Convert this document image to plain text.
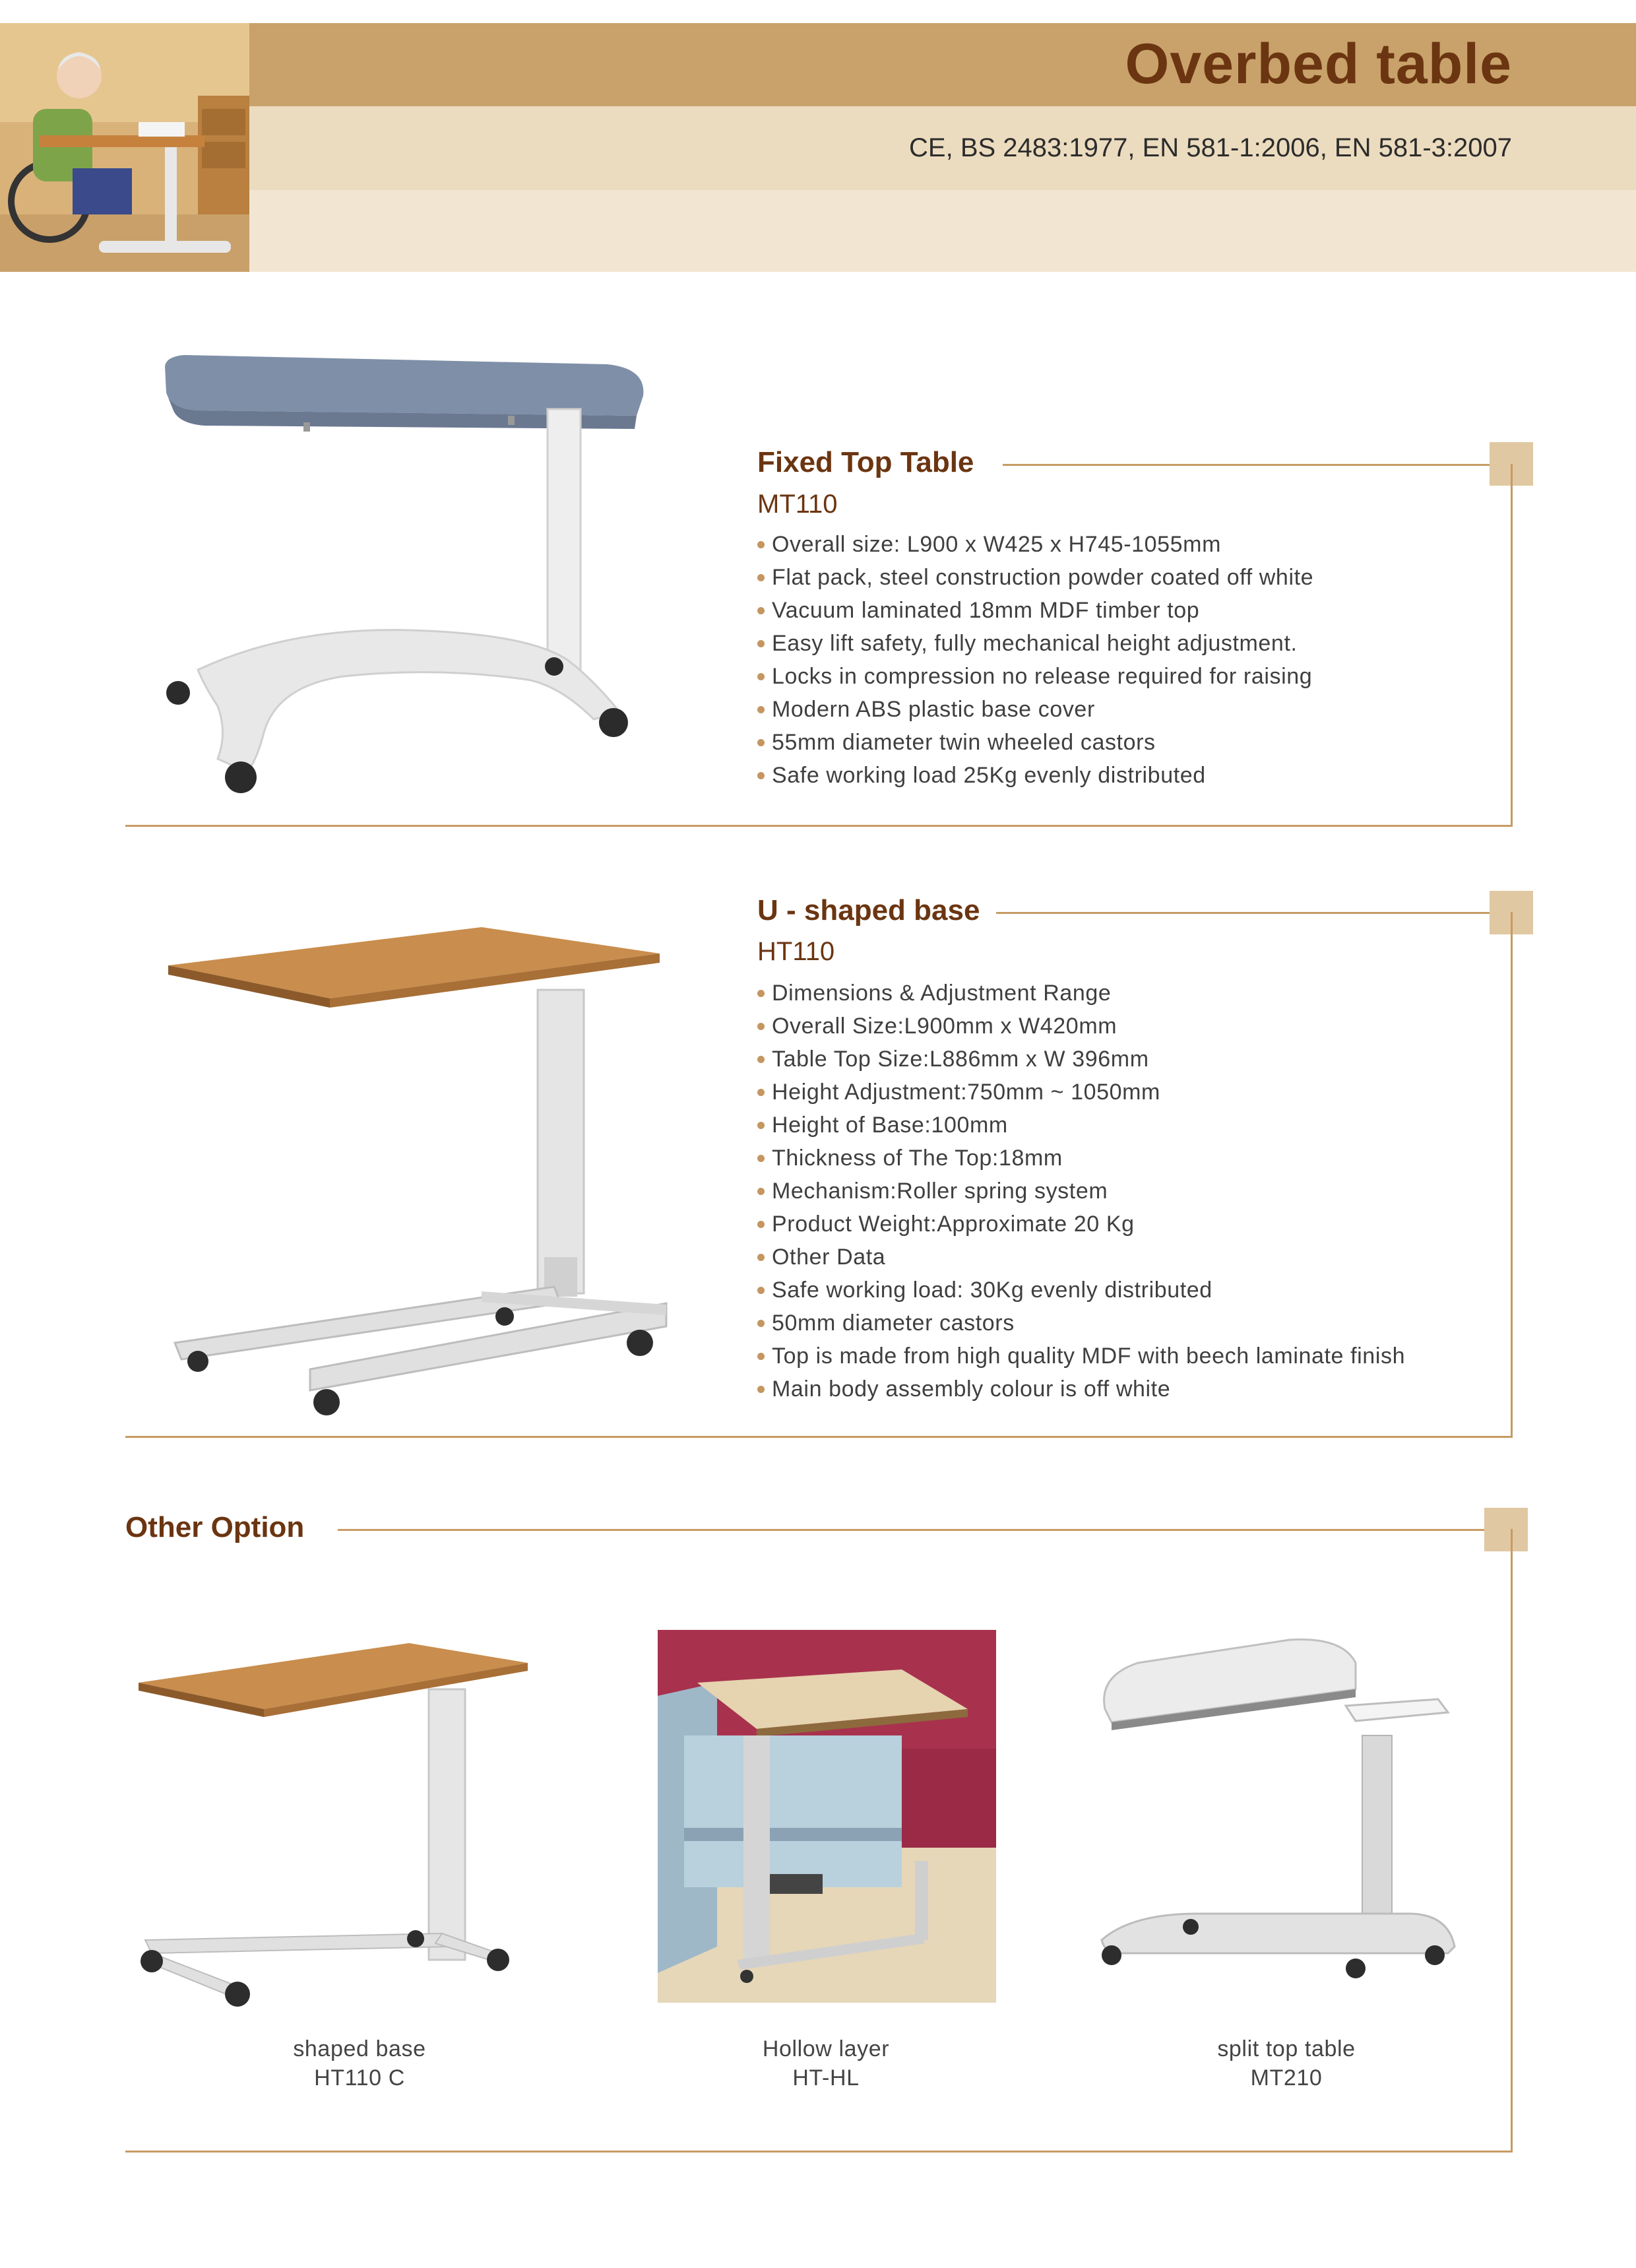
Overbed table
CE, BS 2483:1977, EN 581-1:2006, EN 581-3:2007
Fixed Top Table
MT110
Overall size: L900 x W425 x H745-1055mm
Flat pack, steel construction powder coated off white
Vacuum laminated 18mm MDF timber top
Easy lift safety, fully mechanical height adjustment.
Locks in compression no release required for raising
Modern ABS plastic base cover
55mm diameter twin wheeled castors
Safe working load 25Kg evenly distributed
U - shaped base
HT110
Dimensions & Adjustment Range
Overall Size:L900mm x W420mm
Table Top Size:L886mm x W 396mm
Height Adjustment:750mm ~ 1050mm
Height of Base:100mm
Thickness of The Top:18mm
Mechanism:Roller spring system
Product Weight:Approximate 20 Kg
Other Data
Safe working load: 30Kg evenly distributed
50mm diameter castors
Top is made from high quality MDF with beech laminate finish
Main body assembly colour is off white
Other Option
shaped base
HT110 C
Hollow layer
HT-HL
split top table
MT210
